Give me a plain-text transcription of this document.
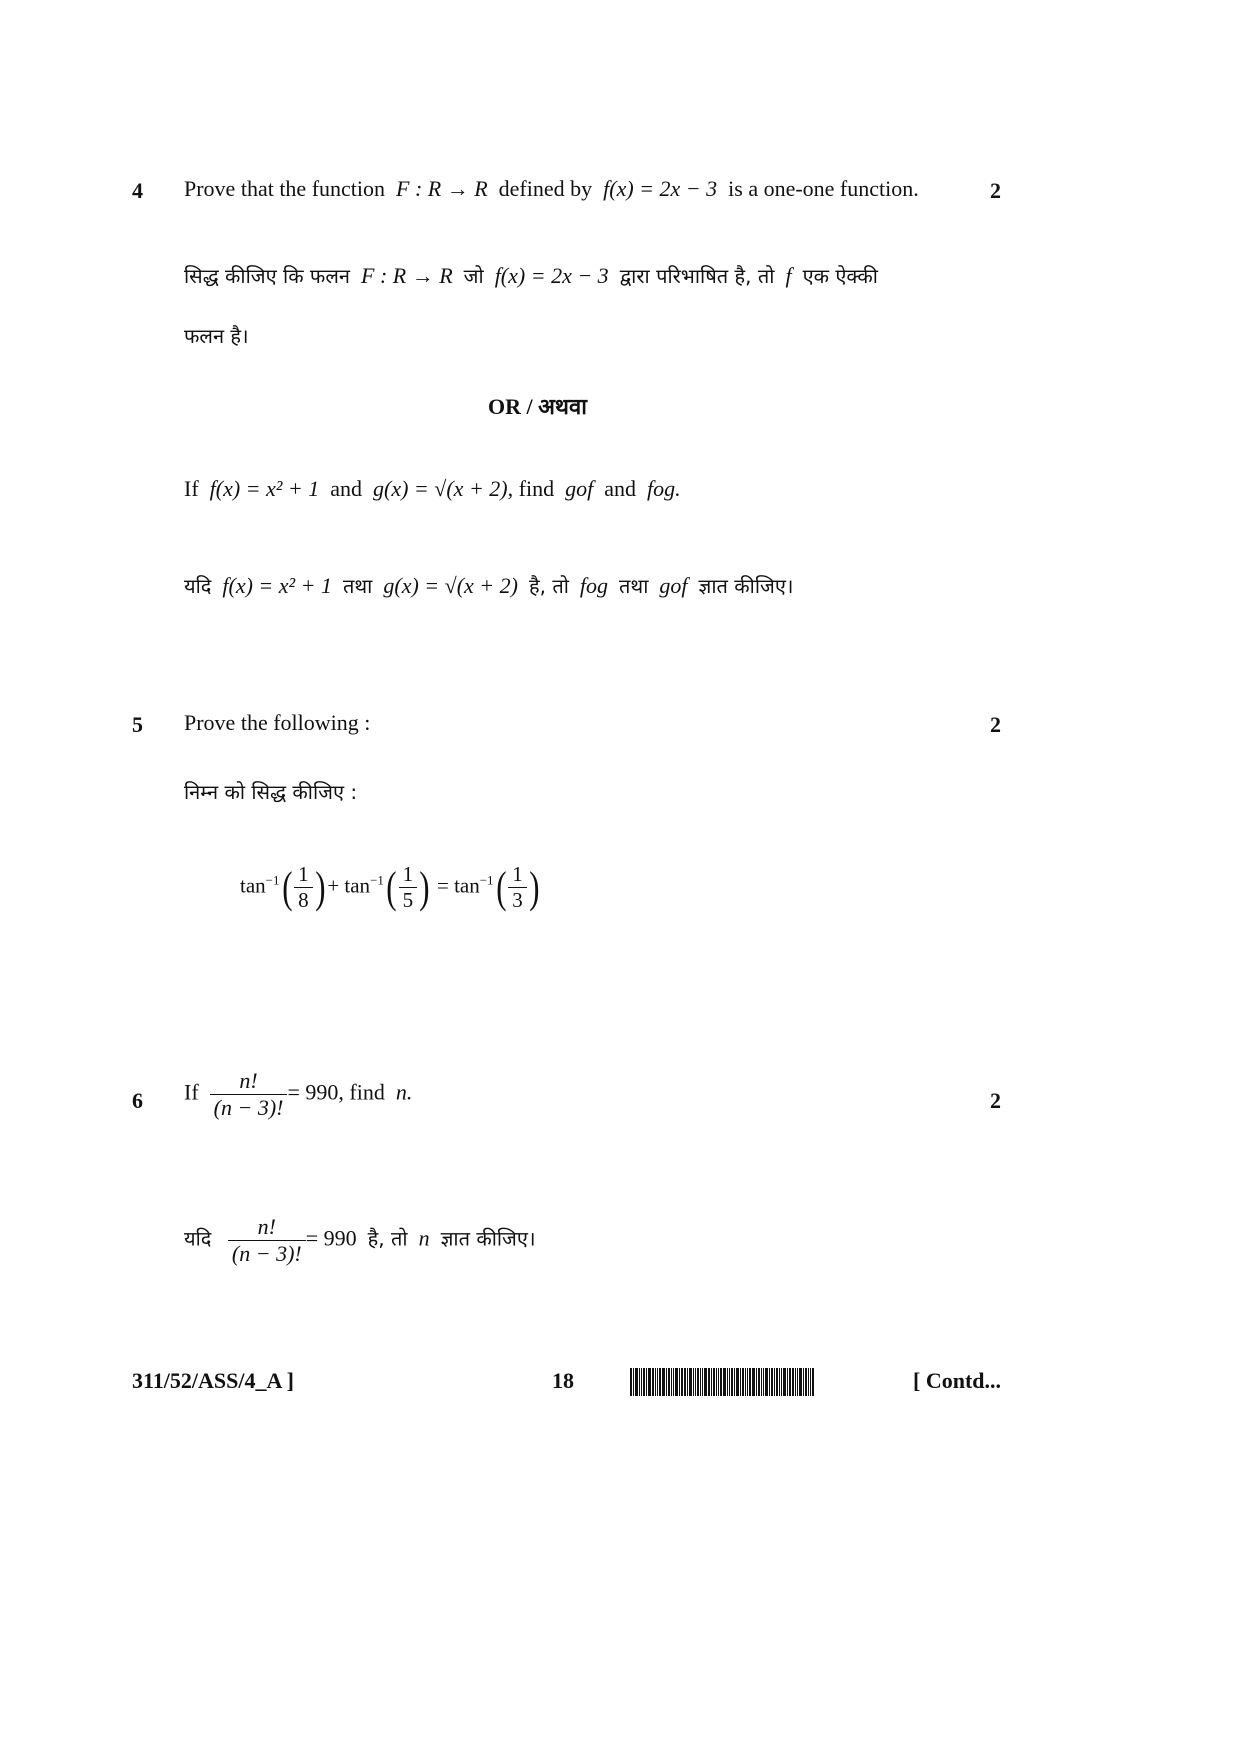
4 Prove that the function F : R → R defined by f(x) = 2x − 3 is a one-one function.	2
सिद्ध कीजिए कि फलन F : R → R जो f(x) = 2x − 3 द्वारा परिभाषित है, तो f एक ऐक्की
फलन है।
OR / अथवा
If f(x) = x² + 1 and g(x) = √(x + 2), find gof and fog.
यदि f(x) = x² + 1 तथा g(x) = √(x + 2) है, तो fog तथा gof ज्ञात कीजिए।
5 Prove the following :	2
निम्न को सिद्ध कीजिए :
$\tan^{-1}( \frac{1}{8}$ ) + $\tan^{-1}( \frac{1}{5}$ ) = $\tan^{-1}( \frac{1}{3}$ )
6 If $\frac{n!}{(n - 3)!} = 990$, find n.	2
यदि $\frac{n!}{(n - 3)!} = 990$ है, तो n ज्ञात कीजिए।
311/52/ASS/4_A ]	18	[ Contd...
